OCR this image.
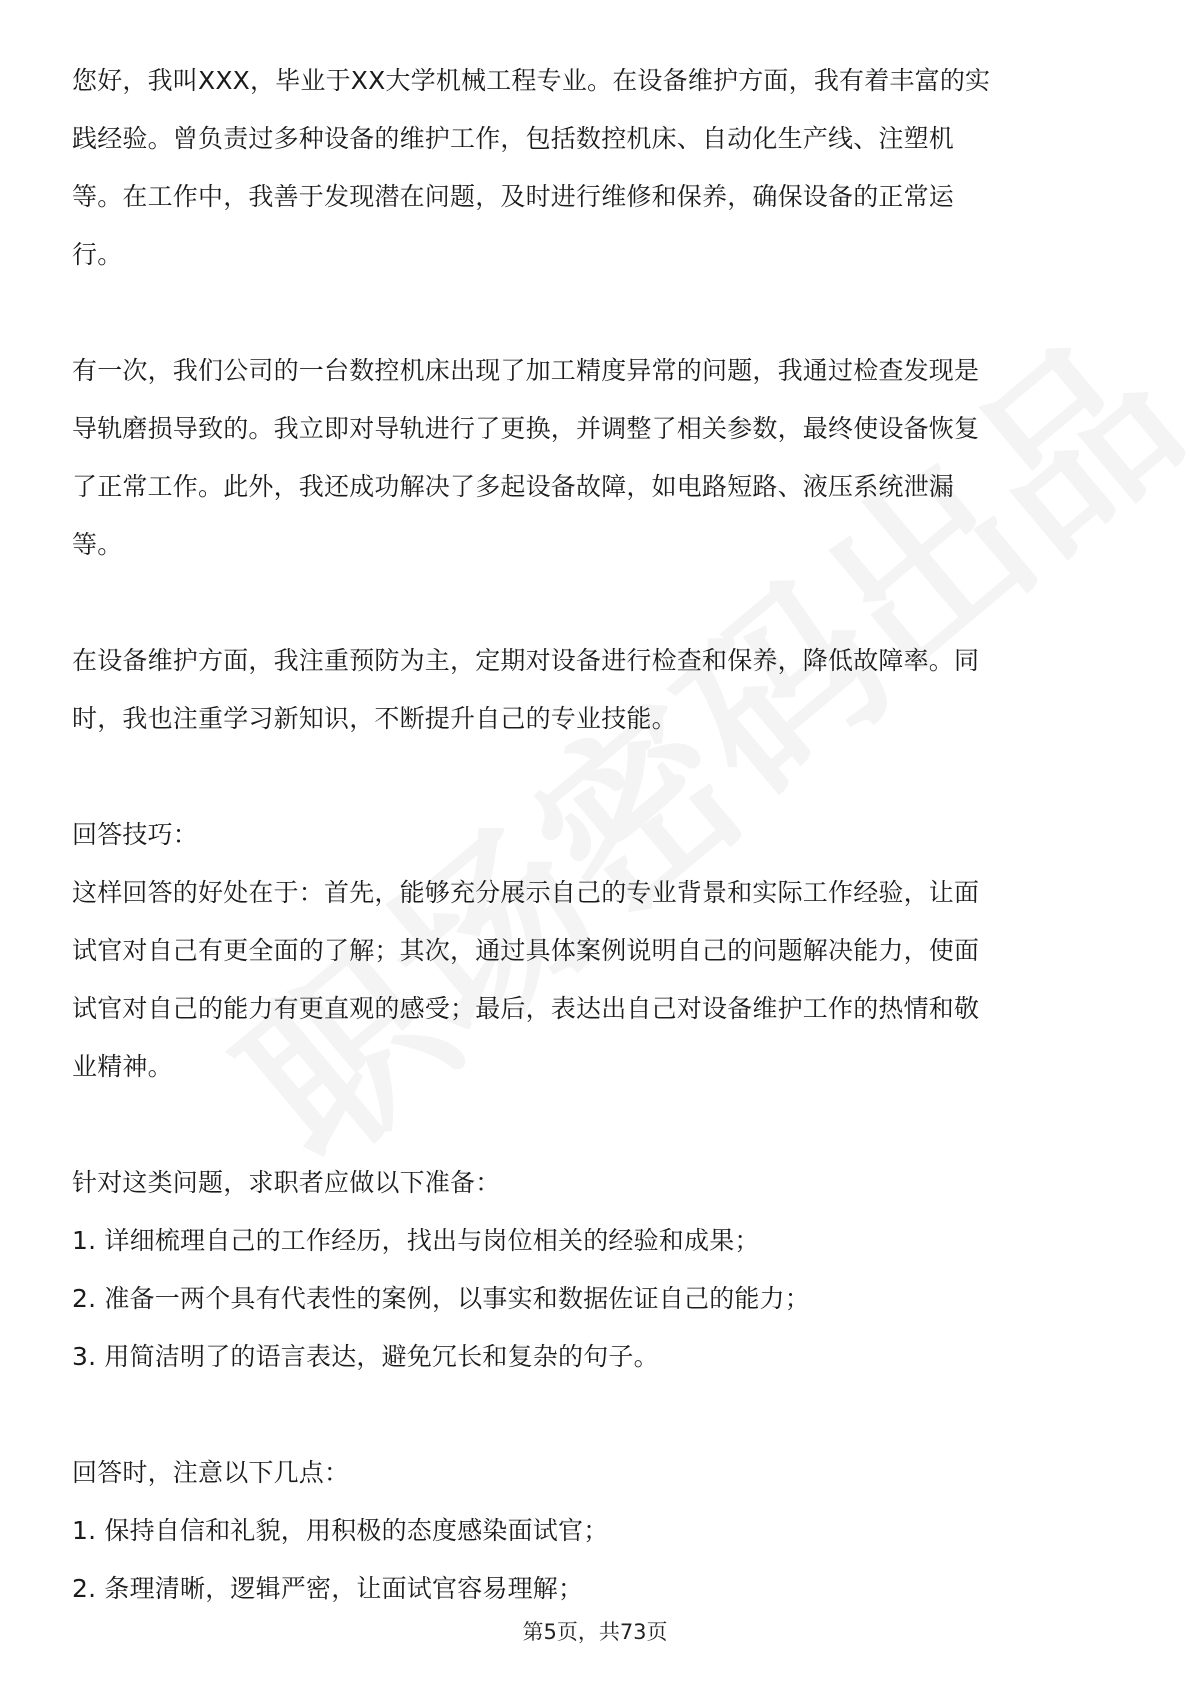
您好，我叫XXX，毕业于XX大学机械工程专业。在设备维护方面，我有着丰富的实

践经验。曾负责过多种设备的维护工作，包括数控机床、自动化生产线、注塑机

等。在工作中，我善于发现潜在问题，及时进行维修和保养，确保设备的正常运

行。

有一次，我们公司的一台数控机床出现了加工精度异常的问题，我通过检查发现是

导轨磨损导致的。我立即对导轨进行了更换，并调整了相关参数，最终使设备恢复

了正常工作。此外，我还成功解决了多起设备故障，如电路短路、液压系统泄漏

等。

在设备维护方面，我注重预防为主，定期对设备进行检查和保养，降低故障率。同

时，我也注重学习新知识，不断提升自己的专业技能。

回答技巧：

这样回答的好处在于：首先，能够充分展示自己的专业背景和实际工作经验，让面

试官对自己有更全面的了解；其次，通过具体案例说明自己的问题解决能力，使面

试官对自己的能力有更直观的感受；最后，表达出自己对设备维护工作的热情和敬

业精神。

针对这类问题，求职者应做以下准备：

1. 详细梳理自己的工作经历，找出与岗位相关的经验和成果；

2. 准备一两个具有代表性的案例，以事实和数据佐证自己的能力；

3. 用简洁明了的语言表达，避免冗长和复杂的句子。

回答时，注意以下几点：

1. 保持自信和礼貌，用积极的态度感染面试官；

2. 条理清晰，逻辑严密，让面试官容易理解；

第5页，共73页
